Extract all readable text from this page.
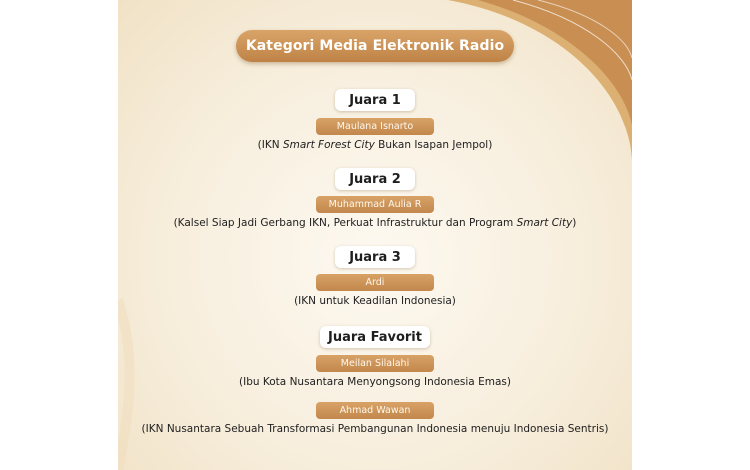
Kategori Media Elektronik Radio
Juara 1
Maulana Isnarto
(IKN Smart Forest City Bukan Isapan Jempol)
Juara 2
Muhammad Aulia R
(Kalsel Siap Jadi Gerbang IKN, Perkuat Infrastruktur dan Program Smart City)
Juara 3
Ardi
(IKN untuk Keadilan Indonesia)
Juara Favorit
Meilan Silalahi
(Ibu Kota Nusantara Menyongsong Indonesia Emas)
Ahmad Wawan
(IKN Nusantara Sebuah Transformasi Pembangunan Indonesia menuju Indonesia Sentris)
